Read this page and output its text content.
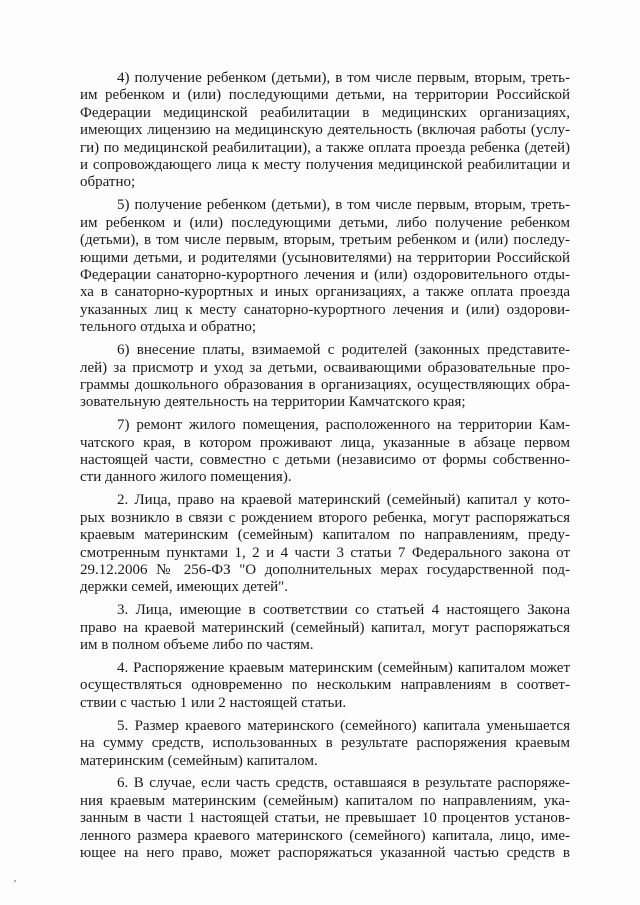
4) получение ребенком (детьми), в том числе первым, вторым, треть-
им ребенком и (или) последующими детьми, на территории Российской
Федерации медицинской реабилитации в медицинских организациях,
имеющих лицензию на медицинскую деятельность (включая работы (услу-
ги) по медицинской реабилитации), а также оплата проезда ребенка (детей)
и сопровождающего лица к месту получения медицинской реабилитации и
обратно;
5) получение ребенком (детьми), в том числе первым, вторым, треть-
им ребенком и (или) последующими детьми, либо получение ребенком
(детьми), в том числе первым, вторым, третьим ребенком и (или) последу-
ющими детьми, и родителями (усыновителями) на территории Российской
Федерации санаторно-курортного лечения и (или) оздоровительного отды-
ха в санаторно-курортных и иных организациях, а также оплата проезда
указанных лиц к месту санаторно-курортного лечения и (или) оздорови-
тельного отдыха и обратно;
6) внесение платы, взимаемой с родителей (законных представите-
лей) за присмотр и уход за детьми, осваивающими образовательные про-
граммы дошкольного образования в организациях, осуществляющих обра-
зовательную деятельность на территории Камчатского края;
7) ремонт жилого помещения, расположенного на территории Кам-
чатского края, в котором проживают лица, указанные в абзаце первом
настоящей части, совместно с детьми (независимо от формы собственно-
сти данного жилого помещения).
2. Лица, право на краевой материнский (семейный) капитал у кото-
рых возникло в связи с рождением второго ребенка, могут распоряжаться
краевым материнским (семейным) капиталом по направлениям, преду-
смотренным пунктами 1, 2 и 4 части 3 статьи 7 Федерального закона от
29.12.2006 № 256-ФЗ "О дополнительных мерах государственной под-
держки семей, имеющих детей".
3. Лица, имеющие в соответствии со статьей 4 настоящего Закона
право на краевой материнский (семейный) капитал, могут распоряжаться
им в полном объеме либо по частям.
4. Распоряжение краевым материнским (семейным) капиталом может
осуществляться одновременно по нескольким направлениям в соответ-
ствии с частью 1 или 2 настоящей статьи.
5. Размер краевого материнского (семейного) капитала уменьшается
на сумму средств, использованных в результате распоряжения краевым
материнским (семейным) капиталом.
6. В случае, если часть средств, оставшаяся в результате распоряже-
ния краевым материнским (семейным) капиталом по направлениям, ука-
занным в части 1 настоящей статьи, не превышает 10 процентов установ-
ленного размера краевого материнского (семейного) капитала, лицо, име-
ющее на него право, может распоряжаться указанной частью средств в
